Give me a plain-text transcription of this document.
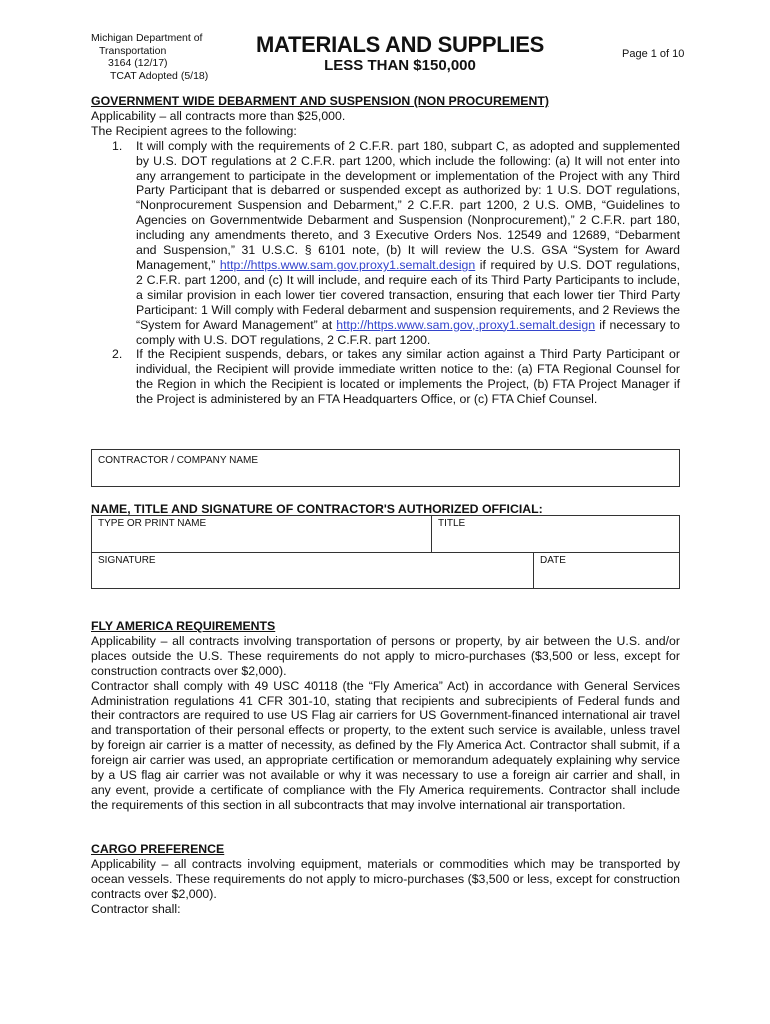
Michigan Department of
Transportation
3164 (12/17)
TCAT Adopted (5/18)
MATERIALS AND SUPPLIES
LESS THAN $150,000
Page 1 of 10
GOVERNMENT WIDE DEBARMENT AND SUSPENSION (NON PROCUREMENT)

Applicability – all contracts more than $25,000.

The Recipient agrees to the following:

1. It will comply with the requirements of 2 C.F.R. part 180, subpart C, as adopted and supplemented by U.S. DOT regulations at 2 C.F.R. part 1200, which include the following: (a) It will not enter into any arrangement to participate in the development or implementation of the Project with any Third Party Participant that is debarred or suspended except as authorized by: 1 U.S. DOT regulations, “Nonprocurement Suspension and Debarment,” 2 C.F.R. part 1200, 2 U.S. OMB, “Guidelines to Agencies on Governmentwide Debarment and Suspension (Nonprocurement),” 2 C.F.R. part 180, including any amendments thereto, and 3 Executive Orders Nos. 12549 and 12689, “Debarment and Suspension,” 31 U.S.C. § 6101 note, (b) It will review the U.S. GSA “System for Award Management,” http://https.www.sam.gov.proxy1.semalt.design if required by U.S. DOT regulations, 2 C.F.R. part 1200, and (c) It will include, and require each of its Third Party Participants to include, a similar provision in each lower tier covered transaction, ensuring that each lower tier Third Party Participant: 1 Will comply with Federal debarment and suspension requirements, and 2 Reviews the “System for Award Management” at http://https.www.sam.gov,.proxy1.semalt.design if necessary to comply with U.S. DOT regulations, 2 C.F.R. part 1200.
2. If the Recipient suspends, debars, or takes any similar action against a Third Party Participant or individual, the Recipient will provide immediate written notice to the: (a) FTA Regional Counsel for the Region in which the Recipient is located or implements the Project, (b) FTA Project Manager if the Project is administered by an FTA Headquarters Office, or (c) FTA Chief Counsel.
CONTRACTOR / COMPANY NAME
NAME, TITLE AND SIGNATURE OF CONTRACTOR'S AUTHORIZED OFFICIAL:
TYPE OR PRINT NAME	TITLE
SIGNATURE	DATE
FLY AMERICA REQUIREMENTS

Applicability – all contracts involving transportation of persons or property, by air between the U.S. and/or places outside the U.S. These requirements do not apply to micro-purchases ($3,500 or less, except for construction contracts over $2,000).

Contractor shall comply with 49 USC 40118 (the “Fly America” Act) in accordance with General Services Administration regulations 41 CFR 301-10, stating that recipients and subrecipients of Federal funds and their contractors are required to use US Flag air carriers for US Government-financed international air travel and transportation of their personal effects or property, to the extent such service is available, unless travel by foreign air carrier is a matter of necessity, as defined by the Fly America Act. Contractor shall submit, if a foreign air carrier was used, an appropriate certification or memorandum adequately explaining why service by a US flag air carrier was not available or why it was necessary to use a foreign air carrier and shall, in any event, provide a certificate of compliance with the Fly America requirements. Contractor shall include the requirements of this section in all subcontracts that may involve international air transportation.

CARGO PREFERENCE

Applicability – all contracts involving equipment, materials or commodities which may be transported by ocean vessels. These requirements do not apply to micro-purchases ($3,500 or less, except for construction contracts over $2,000).

Contractor shall:
